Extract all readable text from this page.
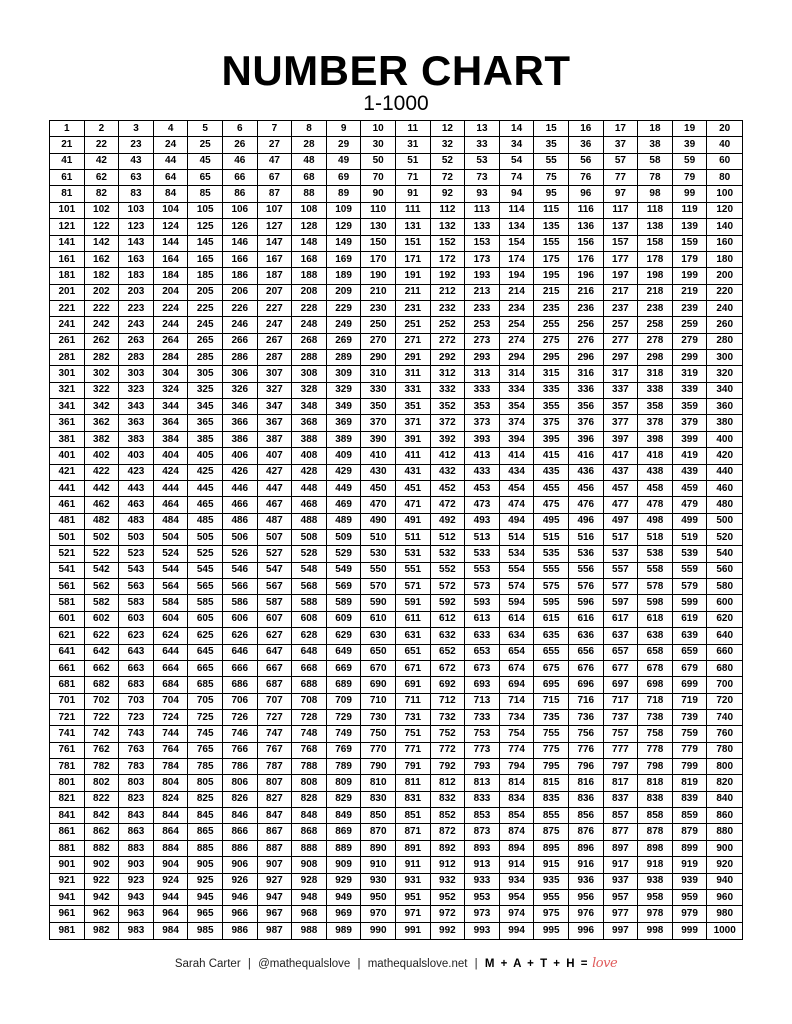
NUMBER CHART
1-1000
1	2	3	4	5	6	7	8	9	10	11	12	13	14	15	16	17	18	19	20
21	22	23	24	25	26	27	28	29	30	31	32	33	34	35	36	37	38	39	40
41	42	43	44	45	46	47	48	49	50	51	52	53	54	55	56	57	58	59	60
61	62	63	64	65	66	67	68	69	70	71	72	73	74	75	76	77	78	79	80
81	82	83	84	85	86	87	88	89	90	91	92	93	94	95	96	97	98	99	100
101	102	103	104	105	106	107	108	109	110	111	112	113	114	115	116	117	118	119	120
121	122	123	124	125	126	127	128	129	130	131	132	133	134	135	136	137	138	139	140
141	142	143	144	145	146	147	148	149	150	151	152	153	154	155	156	157	158	159	160
161	162	163	164	165	166	167	168	169	170	171	172	173	174	175	176	177	178	179	180
181	182	183	184	185	186	187	188	189	190	191	192	193	194	195	196	197	198	199	200
201	202	203	204	205	206	207	208	209	210	211	212	213	214	215	216	217	218	219	220
221	222	223	224	225	226	227	228	229	230	231	232	233	234	235	236	237	238	239	240
241	242	243	244	245	246	247	248	249	250	251	252	253	254	255	256	257	258	259	260
261	262	263	264	265	266	267	268	269	270	271	272	273	274	275	276	277	278	279	280
281	282	283	284	285	286	287	288	289	290	291	292	293	294	295	296	297	298	299	300
301	302	303	304	305	306	307	308	309	310	311	312	313	314	315	316	317	318	319	320
321	322	323	324	325	326	327	328	329	330	331	332	333	334	335	336	337	338	339	340
341	342	343	344	345	346	347	348	349	350	351	352	353	354	355	356	357	358	359	360
361	362	363	364	365	366	367	368	369	370	371	372	373	374	375	376	377	378	379	380
381	382	383	384	385	386	387	388	389	390	391	392	393	394	395	396	397	398	399	400
401	402	403	404	405	406	407	408	409	410	411	412	413	414	415	416	417	418	419	420
421	422	423	424	425	426	427	428	429	430	431	432	433	434	435	436	437	438	439	440
441	442	443	444	445	446	447	448	449	450	451	452	453	454	455	456	457	458	459	460
461	462	463	464	465	466	467	468	469	470	471	472	473	474	475	476	477	478	479	480
481	482	483	484	485	486	487	488	489	490	491	492	493	494	495	496	497	498	499	500
501	502	503	504	505	506	507	508	509	510	511	512	513	514	515	516	517	518	519	520
521	522	523	524	525	526	527	528	529	530	531	532	533	534	535	536	537	538	539	540
541	542	543	544	545	546	547	548	549	550	551	552	553	554	555	556	557	558	559	560
561	562	563	564	565	566	567	568	569	570	571	572	573	574	575	576	577	578	579	580
581	582	583	584	585	586	587	588	589	590	591	592	593	594	595	596	597	598	599	600
601	602	603	604	605	606	607	608	609	610	611	612	613	614	615	616	617	618	619	620
621	622	623	624	625	626	627	628	629	630	631	632	633	634	635	636	637	638	639	640
641	642	643	644	645	646	647	648	649	650	651	652	653	654	655	656	657	658	659	660
661	662	663	664	665	666	667	668	669	670	671	672	673	674	675	676	677	678	679	680
681	682	683	684	685	686	687	688	689	690	691	692	693	694	695	696	697	698	699	700
701	702	703	704	705	706	707	708	709	710	711	712	713	714	715	716	717	718	719	720
721	722	723	724	725	726	727	728	729	730	731	732	733	734	735	736	737	738	739	740
741	742	743	744	745	746	747	748	749	750	751	752	753	754	755	756	757	758	759	760
761	762	763	764	765	766	767	768	769	770	771	772	773	774	775	776	777	778	779	780
781	782	783	784	785	786	787	788	789	790	791	792	793	794	795	796	797	798	799	800
801	802	803	804	805	806	807	808	809	810	811	812	813	814	815	816	817	818	819	820
821	822	823	824	825	826	827	828	829	830	831	832	833	834	835	836	837	838	839	840
841	842	843	844	845	846	847	848	849	850	851	852	853	854	855	856	857	858	859	860
861	862	863	864	865	866	867	868	869	870	871	872	873	874	875	876	877	878	879	880
881	882	883	884	885	886	887	888	889	890	891	892	893	894	895	896	897	898	899	900
901	902	903	904	905	906	907	908	909	910	911	912	913	914	915	916	917	918	919	920
921	922	923	924	925	926	927	928	929	930	931	932	933	934	935	936	937	938	939	940
941	942	943	944	945	946	947	948	949	950	951	952	953	954	955	956	957	958	959	960
961	962	963	964	965	966	967	968	969	970	971	972	973	974	975	976	977	978	979	980
981	982	983	984	985	986	987	988	989	990	991	992	993	994	995	996	997	998	999	1000
Sarah Carter | @mathequalslove | mathequalslove.net | M + A + T + H = love
